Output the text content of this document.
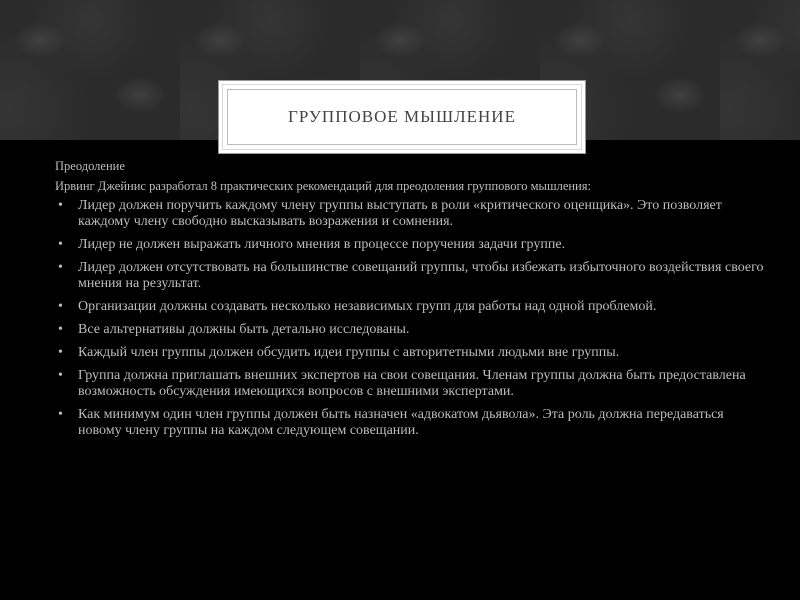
ГРУППОВОЕ МЫШЛЕНИЕ

Преодоление

Ирвинг Джейнис разработал 8 практических рекомендаций для преодоления группового мышления:

• Лидер должен поручить каждому члену группы выступать в роли «критического оценщика». Это позволяет каждому члену свободно высказывать возражения и сомнения.
• Лидер не должен выражать личного мнения в процессе поручения задачи группе.
• Лидер должен отсутствовать на большинстве совещаний группы, чтобы избежать избыточного воздействия своего мнения на результат.
• Организации должны создавать несколько независимых групп для работы над одной проблемой.
• Все альтернативы должны быть детально исследованы.
• Каждый член группы должен обсудить идеи группы с авторитетными людьми вне группы.
• Группа должна приглашать внешних экспертов на свои совещания. Членам группы должна быть предоставлена возможность обсуждения имеющихся вопросов с внешними экспертами.
• Как минимум один член группы должен быть назначен «адвокатом дьявола». Эта роль должна передаваться новому члену группы на каждом следующем совещании.
